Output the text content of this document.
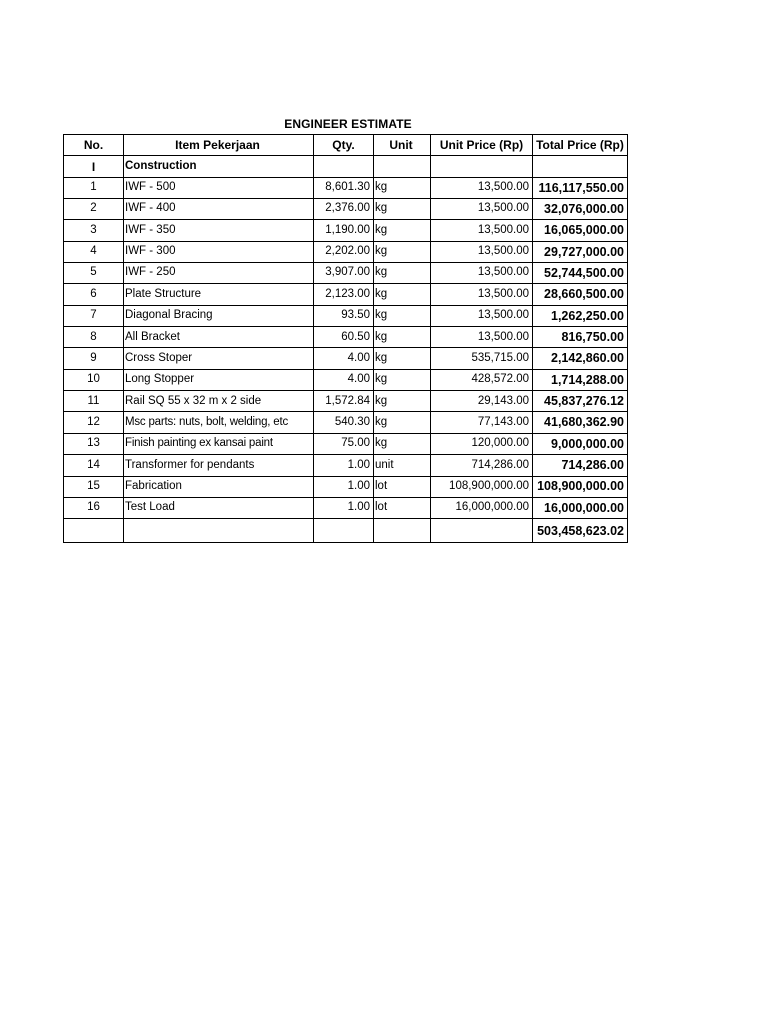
ENGINEER ESTIMATE
No.	Item Pekerjaan	Qty.	Unit	Unit Price (Rp)	Total Price (Rp)
I	Construction				
1	IWF - 500	8,601.30	kg	13,500.00	116,117,550.00
2	IWF - 400	2,376.00	kg	13,500.00	32,076,000.00
3	IWF - 350	1,190.00	kg	13,500.00	16,065,000.00
4	IWF - 300	2,202.00	kg	13,500.00	29,727,000.00
5	IWF - 250	3,907.00	kg	13,500.00	52,744,500.00
6	Plate Structure	2,123.00	kg	13,500.00	28,660,500.00
7	Diagonal Bracing	93.50	kg	13,500.00	1,262,250.00
8	All Bracket	60.50	kg	13,500.00	816,750.00
9	Cross Stoper	4.00	kg	535,715.00	2,142,860.00
10	Long Stopper	4.00	kg	428,572.00	1,714,288.00
11	Rail SQ 55 x 32 m x 2 side	1,572.84	kg	29,143.00	45,837,276.12
12	Msc parts: nuts, bolt, welding, etc	540.30	kg	77,143.00	41,680,362.90
13	Finish painting ex kansai paint	75.00	kg	120,000.00	9,000,000.00
14	Transformer for pendants	1.00	unit	714,286.00	714,286.00
15	Fabrication	1.00	lot	108,900,000.00	108,900,000.00
16	Test Load	1.00	lot	16,000,000.00	16,000,000.00
					503,458,623.02
